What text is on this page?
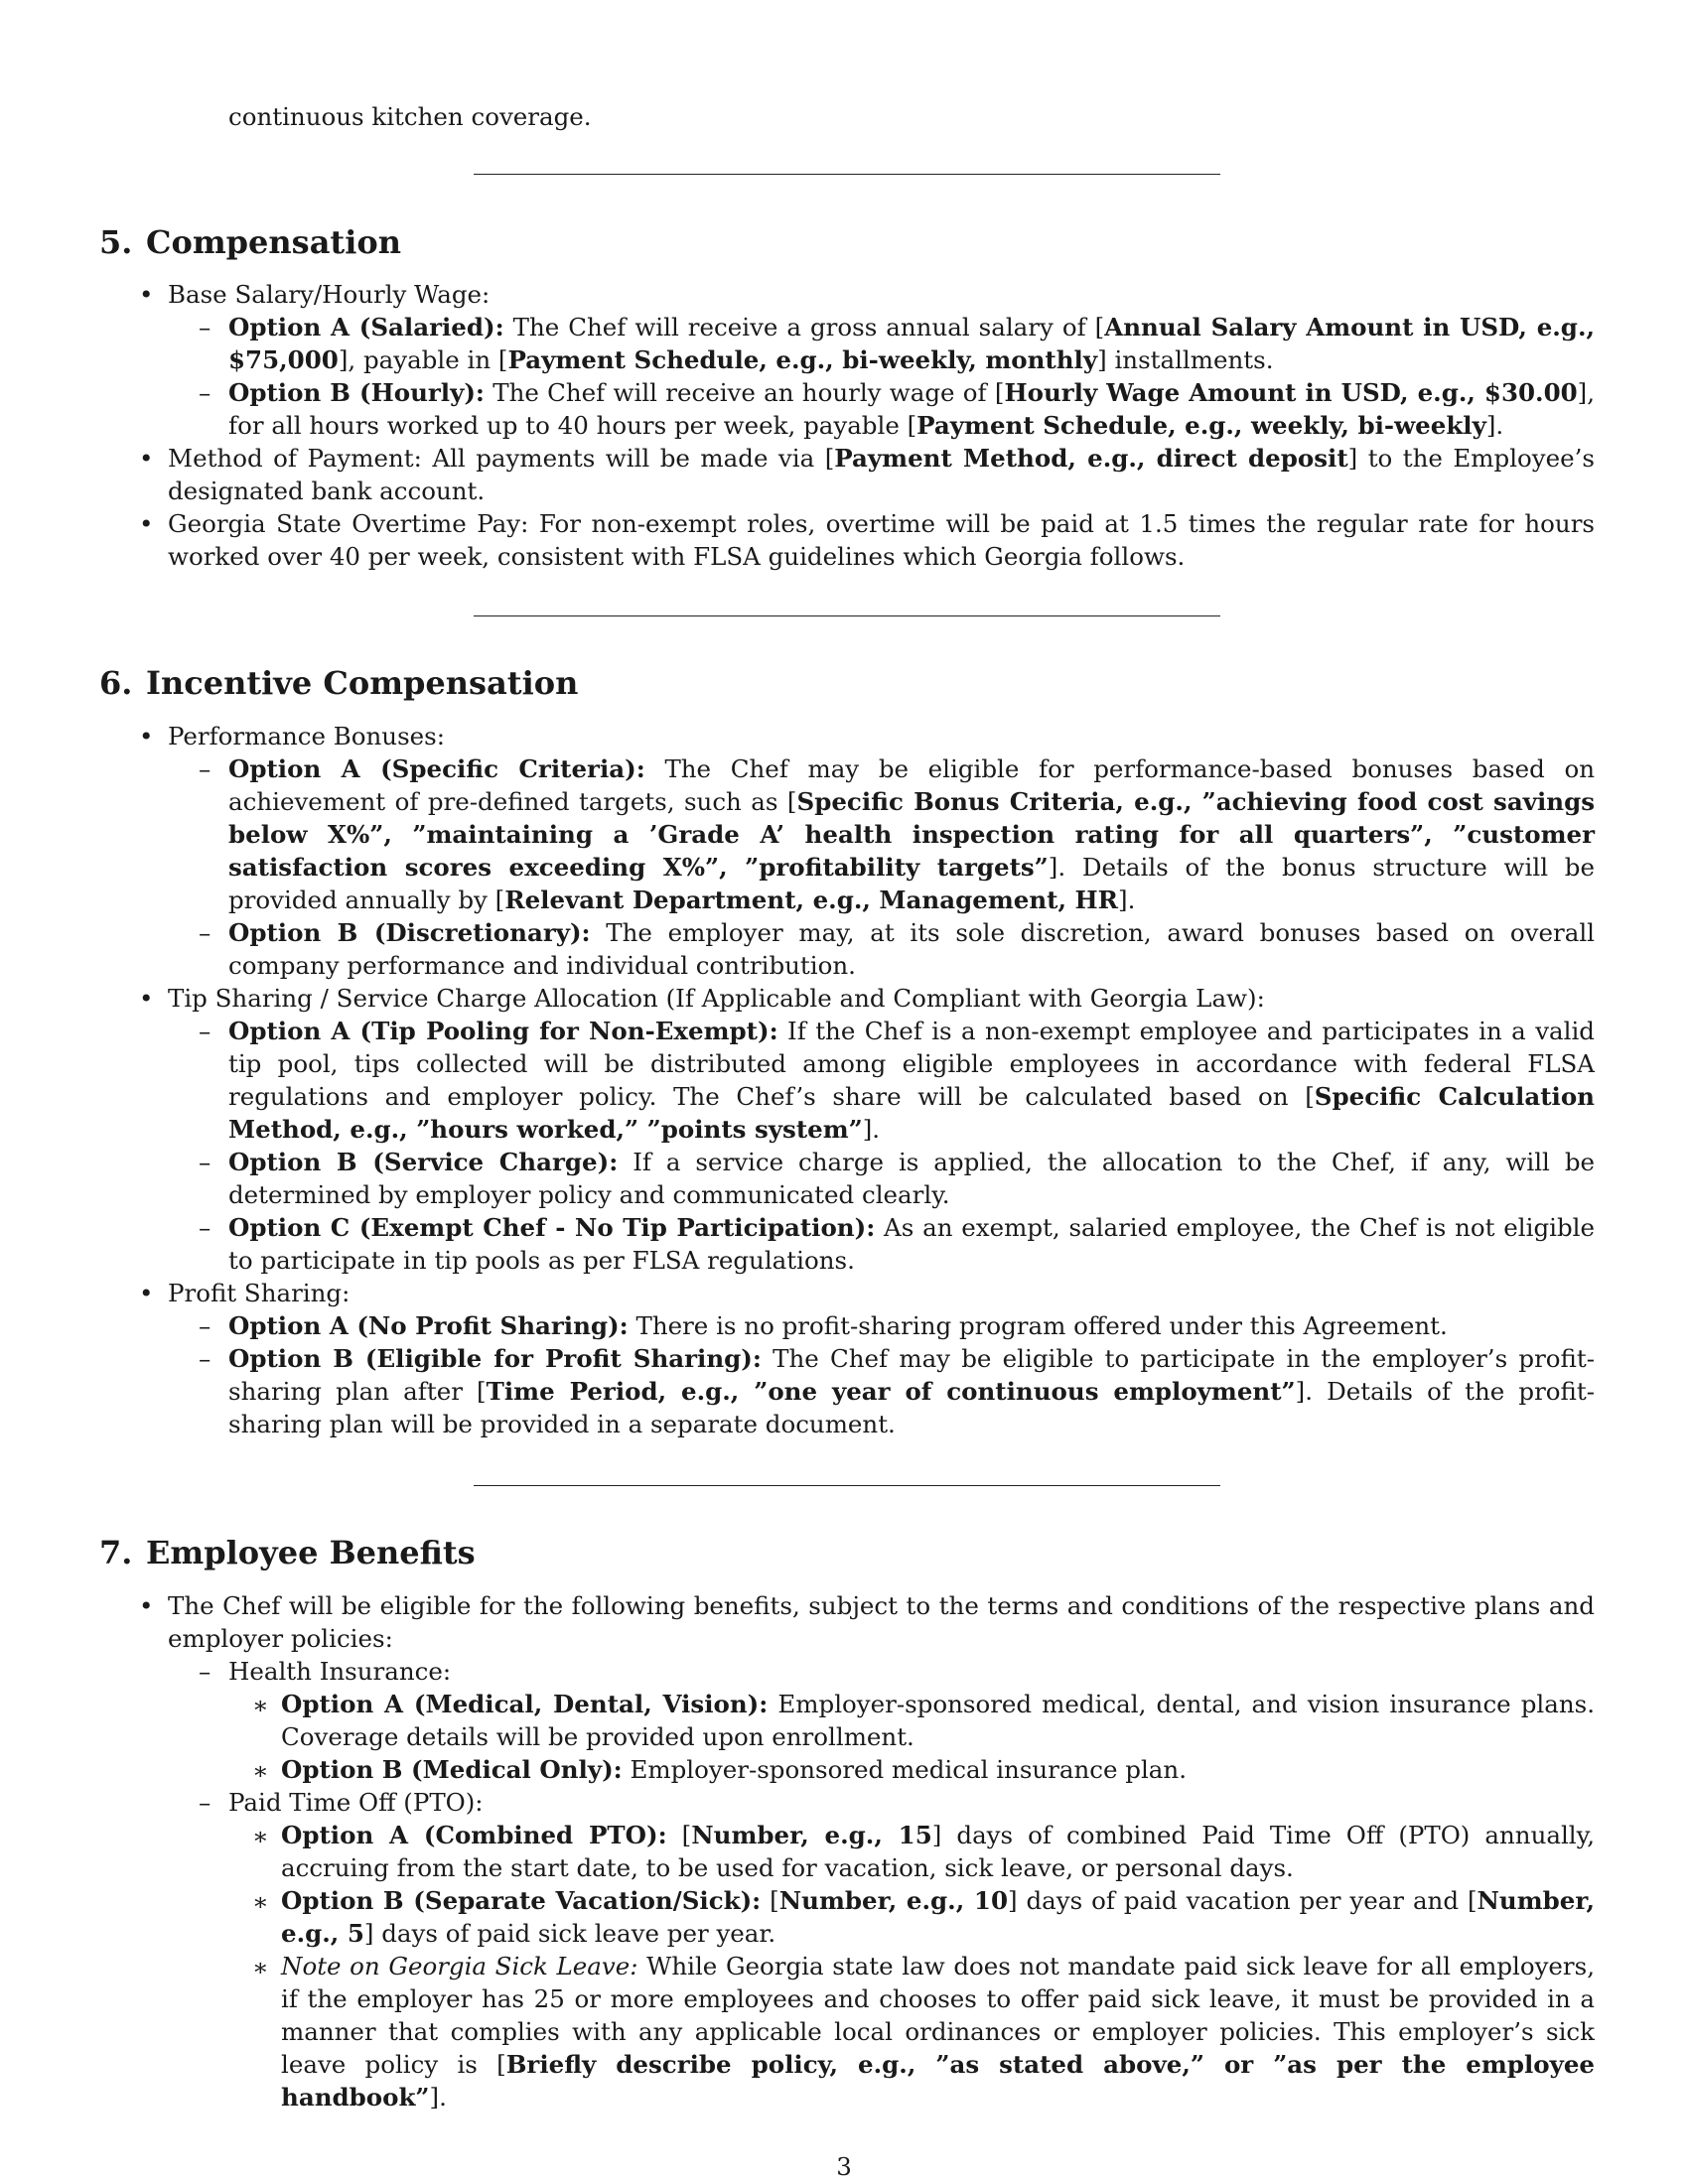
continuous kitchen coverage.
5. Compensation
• Base Salary/Hourly Wage:
– Option A (Salaried): The Chef will receive a gross annual salary of [Annual Salary Amount in USD, e.g., $75,000], payable in [Payment Schedule, e.g., bi-weekly, monthly] installments.
– Option B (Hourly): The Chef will receive an hourly wage of [Hourly Wage Amount in USD, e.g., $30.00], for all hours worked up to 40 hours per week, payable [Payment Schedule, e.g., weekly, bi-weekly].
• Method of Payment: All payments will be made via [Payment Method, e.g., direct deposit] to the Employee’s designated bank account.
• Georgia State Overtime Pay: For non-exempt roles, overtime will be paid at 1.5 times the regular rate for hours worked over 40 per week, consistent with FLSA guidelines which Georgia follows.
6. Incentive Compensation
• Performance Bonuses:
– Option A (Specific Criteria): The Chef may be eligible for performance-based bonuses based on achievement of pre-defined targets, such as [Specific Bonus Criteria, e.g., ”achieving food cost savings below X%”, ”maintaining a ’Grade A’ health inspection rating for all quarters”, ”customer satisfaction scores exceeding X%”, ”profitability targets”]. Details of the bonus structure will be provided annually by [Relevant Department, e.g., Management, HR].
– Option B (Discretionary): The employer may, at its sole discretion, award bonuses based on overall company performance and individual contribution.
• Tip Sharing / Service Charge Allocation (If Applicable and Compliant with Georgia Law):
– Option A (Tip Pooling for Non-Exempt): If the Chef is a non-exempt employee and participates in a valid tip pool, tips collected will be distributed among eligible employees in accordance with federal FLSA regulations and employer policy. The Chef’s share will be calculated based on [Specific Calculation Method, e.g., ”hours worked,” ”points system”].
– Option B (Service Charge): If a service charge is applied, the allocation to the Chef, if any, will be determined by employer policy and communicated clearly.
– Option C (Exempt Chef - No Tip Participation): As an exempt, salaried employee, the Chef is not eligible to participate in tip pools as per FLSA regulations.
• Profit Sharing:
– Option A (No Profit Sharing): There is no profit-sharing program offered under this Agreement.
– Option B (Eligible for Profit Sharing): The Chef may be eligible to participate in the employer’s profit-sharing plan after [Time Period, e.g., ”one year of continuous employment”]. Details of the profit-sharing plan will be provided in a separate document.
7. Employee Benefits
• The Chef will be eligible for the following benefits, subject to the terms and conditions of the respective plans and employer policies:
– Health Insurance:
∗ Option A (Medical, Dental, Vision): Employer-sponsored medical, dental, and vision insurance plans. Coverage details will be provided upon enrollment.
∗ Option B (Medical Only): Employer-sponsored medical insurance plan.
– Paid Time Off (PTO):
∗ Option A (Combined PTO): [Number, e.g., 15] days of combined Paid Time Off (PTO) annually, accruing from the start date, to be used for vacation, sick leave, or personal days.
∗ Option B (Separate Vacation/Sick): [Number, e.g., 10] days of paid vacation per year and [Number, e.g., 5] days of paid sick leave per year.
∗ Note on Georgia Sick Leave: While Georgia state law does not mandate paid sick leave for all employers, if the employer has 25 or more employees and chooses to offer paid sick leave, it must be provided in a manner that complies with any applicable local ordinances or employer policies. This employer’s sick leave policy is [Briefly describe policy, e.g., ”as stated above,” or ”as per the employee handbook”].
3
